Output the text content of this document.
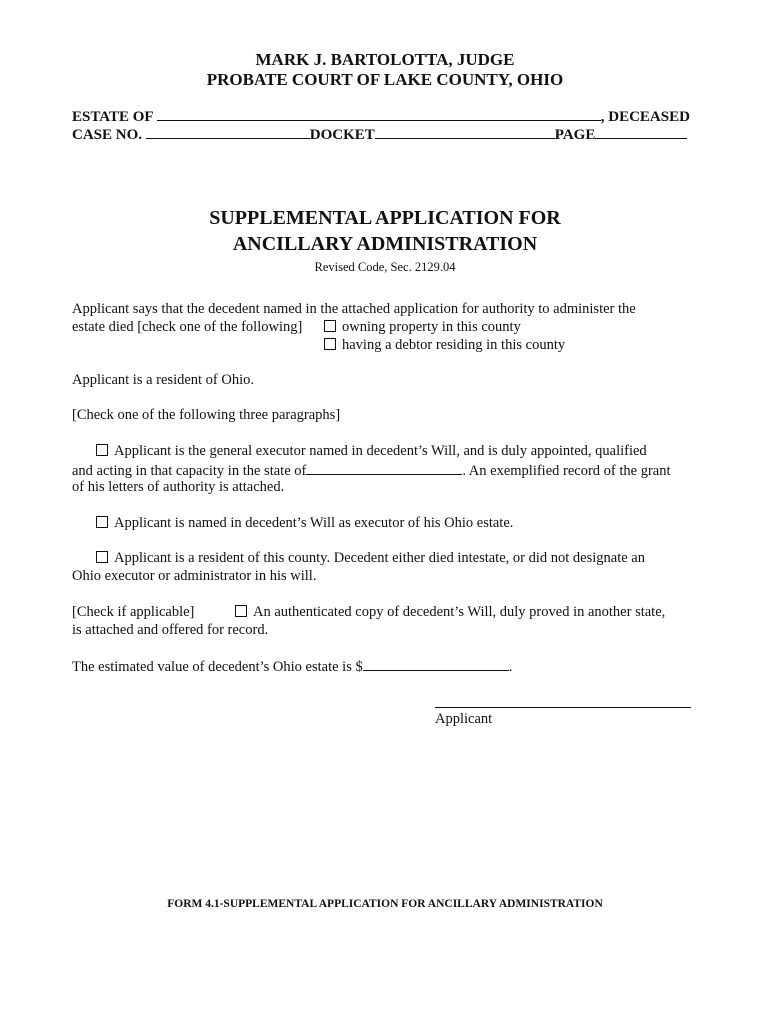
MARK J. BARTOLOTTA, JUDGE
PROBATE COURT OF LAKE COUNTY, OHIO
ESTATE OF	, DECEASED
CASE NO.	DOCKET	PAGE
SUPPLEMENTAL APPLICATION FOR
ANCILLARY ADMINISTRATION
Revised Code, Sec. 2129.04
Applicant says that the decedent named in the attached application for authority to administer the
estate died [check one of the following]	owning property in this county
having a debtor residing in this county
Applicant is a resident of Ohio.
[Check one of the following three paragraphs]
Applicant is the general executor named in decedent’s Will, and is duly appointed, qualified
and acting in that capacity in the state of	. An exemplified record of the grant
of his letters of authority is attached.
Applicant is named in decedent’s Will as executor of his Ohio estate.
Applicant is a resident of this county. Decedent either died intestate, or did not designate an
Ohio executor or administrator in his will.
[Check if applicable]	An authenticated copy of decedent’s Will, duly proved in another state,
is attached and offered for record.
The estimated value of decedent’s Ohio estate is $	.
Applicant
FORM 4.1-SUPPLEMENTAL APPLICATION FOR ANCILLARY ADMINISTRATION
